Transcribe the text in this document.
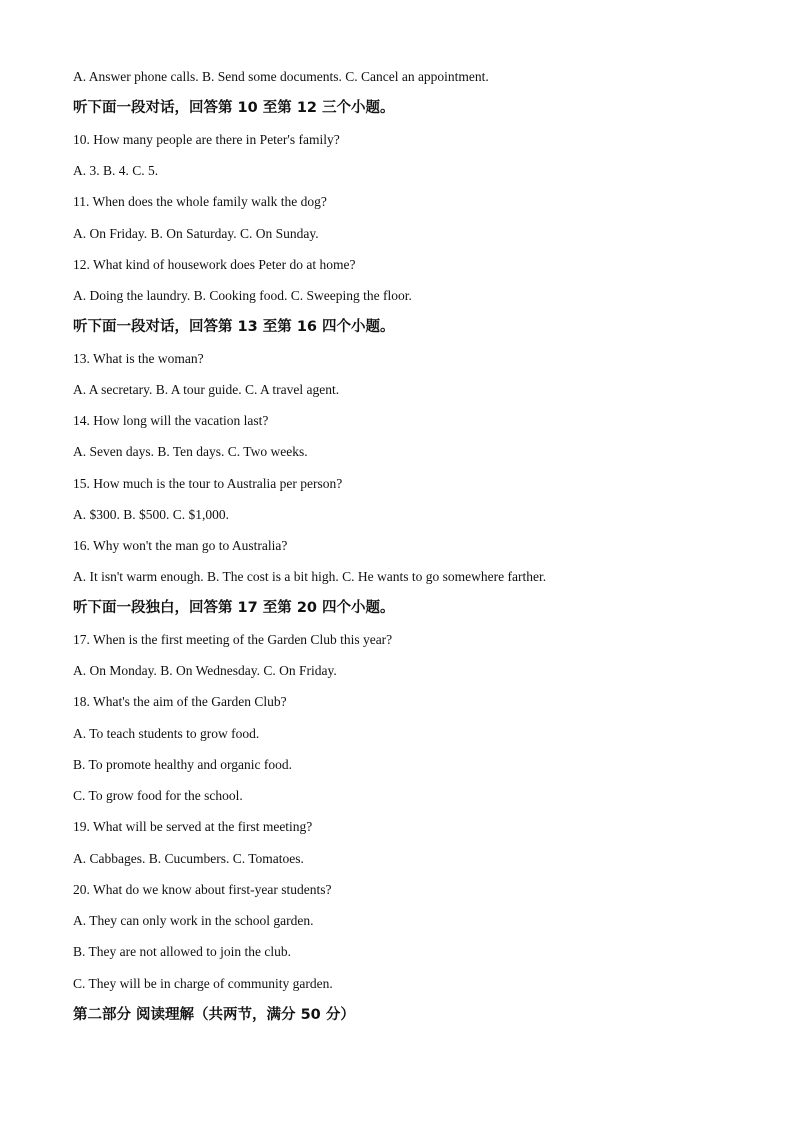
A. Answer phone calls. B. Send some documents. C. Cancel an appointment.
听下面一段对话，回答第 10 至第 12 三个小题。
10. How many people are there in Peter's family?
A. 3. B. 4. C. 5.
11. When does the whole family walk the dog?
A. On Friday. B. On Saturday. C. On Sunday.
12. What kind of housework does Peter do at home?
A. Doing the laundry. B. Cooking food. C. Sweeping the floor.
听下面一段对话，回答第 13 至第 16 四个小题。
13. What is the woman?
A. A secretary. B. A tour guide. C. A travel agent.
14. How long will the vacation last?
A. Seven days. B. Ten days. C. Two weeks.
15. How much is the tour to Australia per person?
A. $300. B. $500. C. $1,000.
16. Why won't the man go to Australia?
A. It isn't warm enough. B. The cost is a bit high. C. He wants to go somewhere farther.
听下面一段独白，回答第 17 至第 20 四个小题。
17. When is the first meeting of the Garden Club this year?
A. On Monday. B. On Wednesday. C. On Friday.
18. What's the aim of the Garden Club?
A. To teach students to grow food.
B. To promote healthy and organic food.
C. To grow food for the school.
19. What will be served at the first meeting?
A. Cabbages. B. Cucumbers. C. Tomatoes.
20. What do we know about first-year students?
A. They can only work in the school garden.
B. They are not allowed to join the club.
C. They will be in charge of community garden.
第二部分 阅读理解（共两节，满分 50 分）
